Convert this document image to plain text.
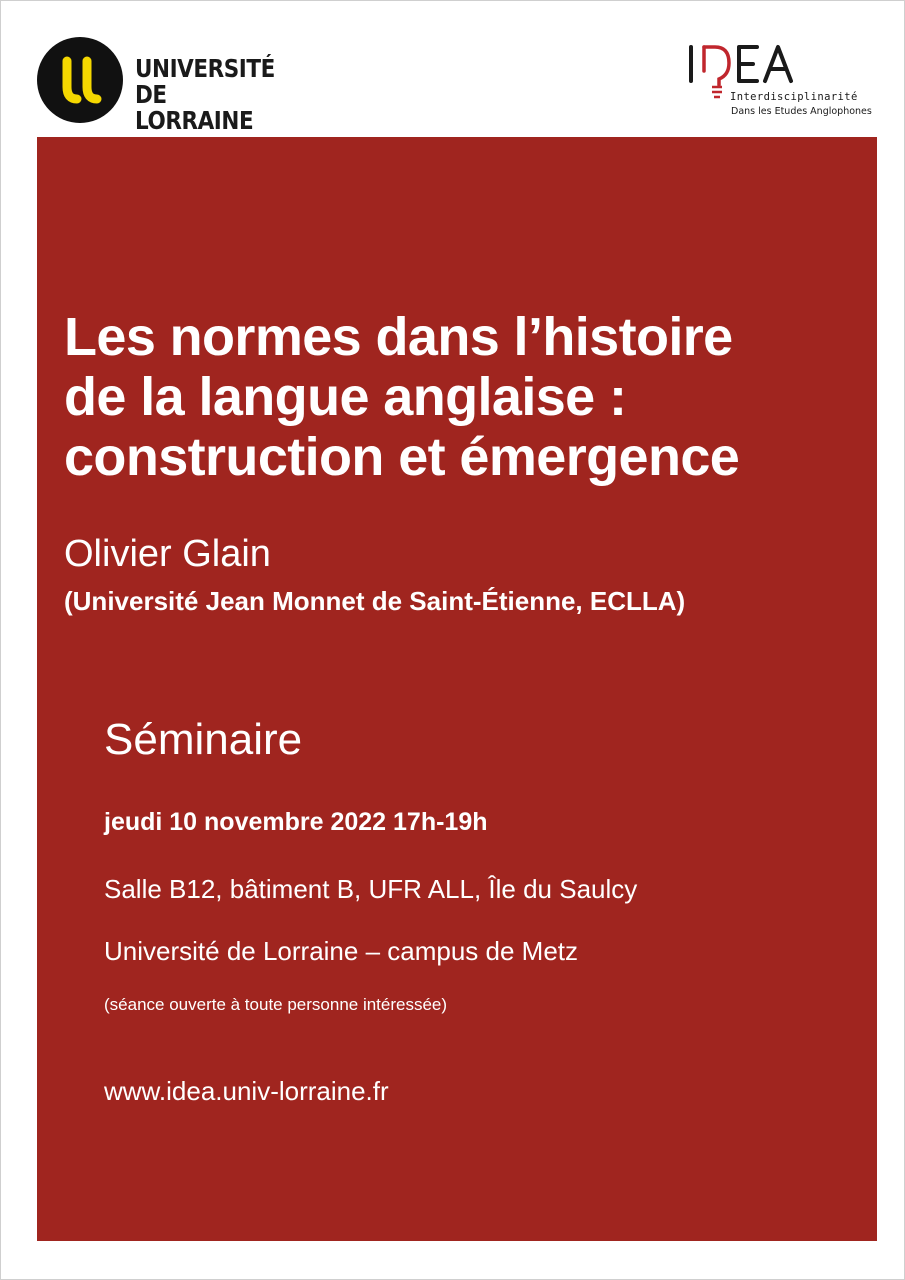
UNIVERSITÉ
DE LORRAINE
Interdisciplinarité
Dans les Etudes Anglophones
Les normes dans l’histoire
de la langue anglaise :
construction et émergence
Olivier Glain
(Université Jean Monnet de Saint-Étienne, ECLLA)
Séminaire
jeudi 10 novembre 2022 17h-19h
Salle B12, bâtiment B, UFR ALL, Île du Saulcy
Université de Lorraine – campus de Metz
(séance ouverte à toute personne intéressée)
www.idea.univ-lorraine.fr
